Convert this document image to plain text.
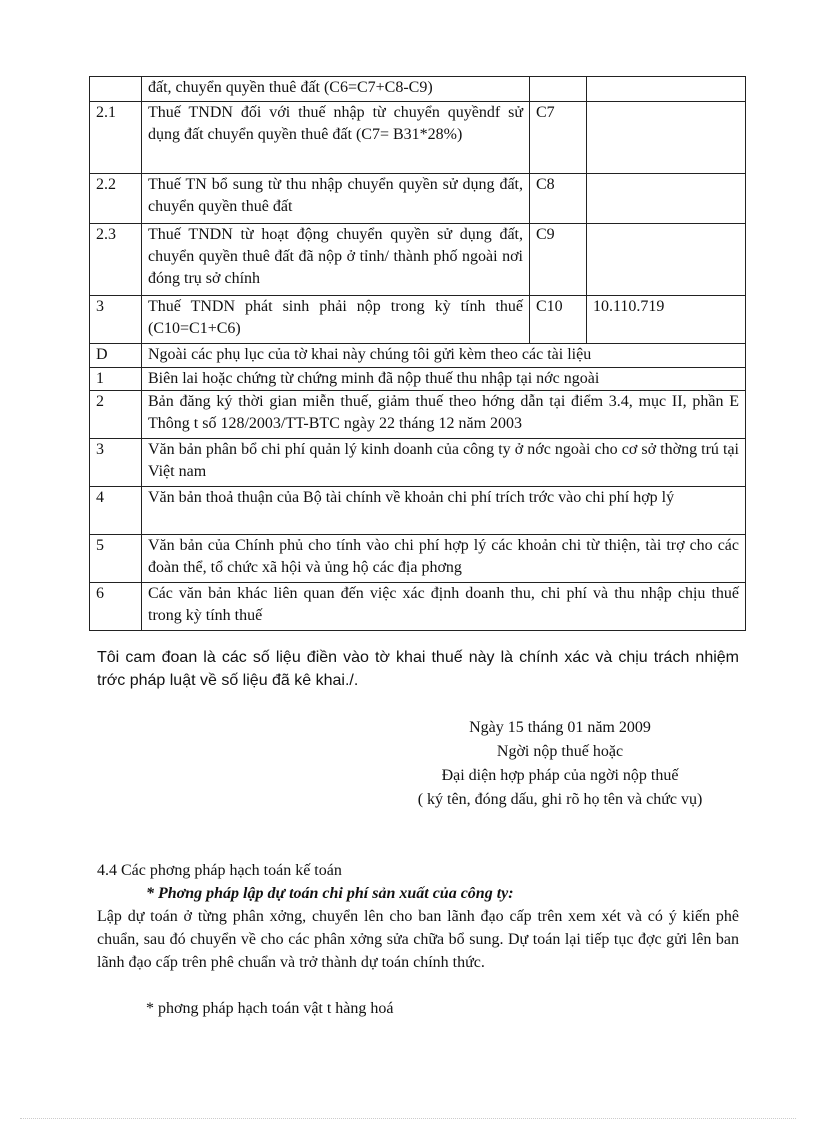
	đất, chuyển quyền thuê đất (C6=C7+C8-C9)		
2.1	Thuế TNDN đối với thuế nhập từ chuyển quyềndf sử dụng đất chuyển quyền thuê đất (C7= B31*28%)	C7	
2.2	Thuế TN bổ sung từ thu nhập chuyển quyền sử dụng đất, chuyển quyền thuê đất	C8	
2.3	Thuế TNDN từ hoạt động chuyển quyền sử dụng đất, chuyển quyền thuê đất đã nộp ở tỉnh/ thành phố ngoài nơi đóng trụ sở chính	C9	
3	Thuế TNDN phát sinh phải nộp trong kỳ tính thuế (C10=C1+C6)	C10	10.110.719
D	Ngoài các phụ lục của tờ khai này chúng tôi gửi kèm theo các tài liệu		
1	Biên lai hoặc chứng từ chứng minh đã nộp thuế thu nhập tại nớc ngoài		
2	Bản đăng ký thời gian miễn thuế, giảm thuế theo hớng dẫn tại điểm 3.4, mục II, phần E Thông t số 128/2003/TT-BTC ngày 22 tháng 12 năm 2003		
3	Văn bản phân bổ chi phí quản lý kinh doanh của công ty ở nớc ngoài cho cơ sở thờng trú tại Việt nam		
4	Văn bản thoả thuận của Bộ tài chính về khoản chi phí trích trớc vào chi phí hợp lý		
5	Văn bản của Chính phủ cho tính vào chi phí hợp lý các khoản chi từ thiện, tài trợ cho các đoàn thể, tổ chức xã hội và ủng hộ các địa phơng		
6	Các văn bản khác liên quan đến việc xác định doanh thu, chi phí và thu nhập chịu thuế trong kỳ tính thuế		
Tôi cam đoan là các số liệu điền vào tờ khai thuế này là chính xác và chịu trách nhiệm trớc pháp luật về số liệu đã kê khai./.
Ngày 15 tháng 01 năm 2009
Ngời nộp thuế hoặc
Đại diện hợp pháp của ngời nộp thuế
( ký tên, đóng dấu, ghi rõ họ tên và chức vụ)
4.4 Các phơng pháp hạch toán kế toán
* Phơng pháp lập dự toán chi phí sản xuất của công ty:
Lập dự toán ở từng phân xởng, chuyển lên cho ban lãnh đạo cấp trên xem xét và có ý kiến phê chuẩn, sau đó chuyển về cho các phân xởng sửa chữa bổ sung. Dự toán lại tiếp tục đợc gửi lên ban lãnh đạo cấp trên phê chuẩn và trở thành dự toán chính thức.
* phơng pháp hạch toán vật t hàng hoá
